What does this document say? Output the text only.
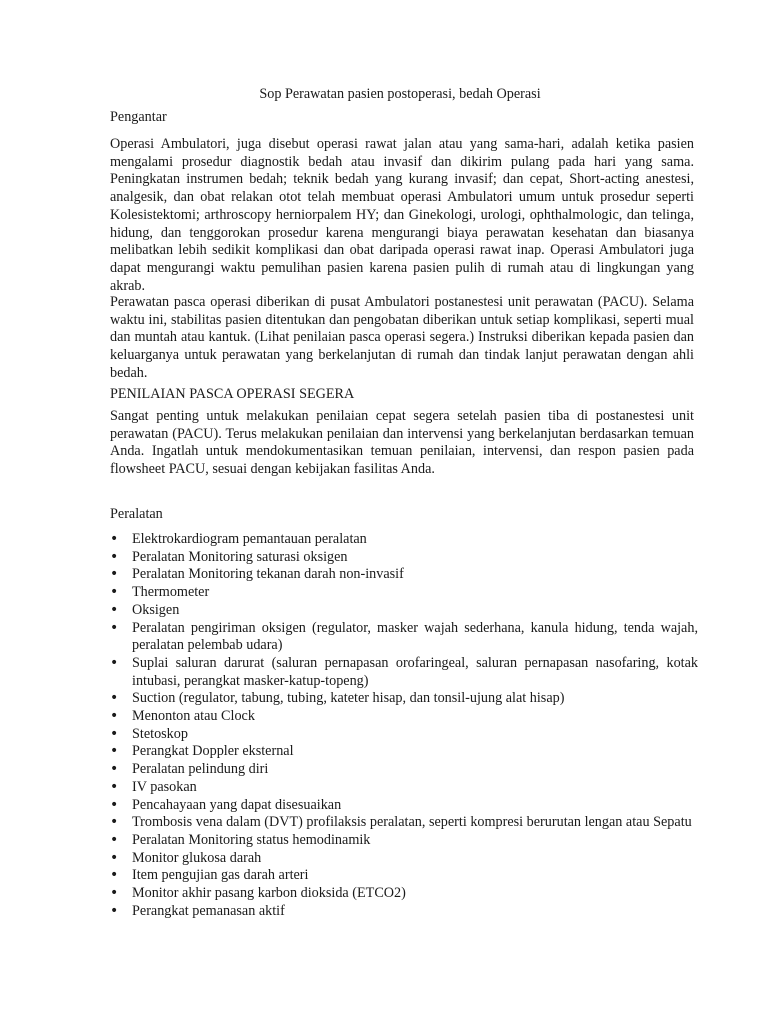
Sop Perawatan pasien postoperasi, bedah Operasi
Pengantar
Operasi Ambulatori, juga disebut operasi rawat jalan atau yang sama-hari, adalah ketika pasien mengalami prosedur diagnostik bedah atau invasif dan dikirim pulang pada hari yang sama. Peningkatan instrumen bedah; teknik bedah yang kurang invasif; dan cepat, Short-acting anestesi, analgesik, dan obat relakan otot telah membuat operasi Ambulatori umum untuk prosedur seperti Kolesistektomi; arthroscopy herniorpalem HY; dan Ginekologi, urologi, ophthalmologic, dan telinga, hidung, dan tenggorokan prosedur karena mengurangi biaya perawatan kesehatan dan biasanya melibatkan lebih sedikit komplikasi dan obat daripada operasi rawat inap. Operasi Ambulatori juga dapat mengurangi waktu pemulihan pasien karena pasien pulih di rumah atau di lingkungan yang akrab.
Perawatan pasca operasi diberikan di pusat Ambulatori postanestesi unit perawatan (PACU). Selama waktu ini, stabilitas pasien ditentukan dan pengobatan diberikan untuk setiap komplikasi, seperti mual dan muntah atau kantuk. (Lihat penilaian pasca operasi segera.) Instruksi diberikan kepada pasien dan keluarganya untuk perawatan yang berkelanjutan di rumah dan tindak lanjut perawatan dengan ahli bedah.
PENILAIAN PASCA OPERASI SEGERA
Sangat penting untuk melakukan penilaian cepat segera setelah pasien tiba di postanestesi unit perawatan (PACU). Terus melakukan penilaian dan intervensi yang berkelanjutan berdasarkan temuan Anda. Ingatlah untuk mendokumentasikan temuan penilaian, intervensi, dan respon pasien pada flowsheet PACU, sesuai dengan kebijakan fasilitas Anda.
Peralatan
• Elektrokardiogram pemantauan peralatan
• Peralatan Monitoring saturasi oksigen
• Peralatan Monitoring tekanan darah non-invasif
• Thermometer
• Oksigen
• Peralatan pengiriman oksigen (regulator, masker wajah sederhana, kanula hidung, tenda wajah, peralatan pelembab udara)
• Suplai saluran darurat (saluran pernapasan orofaringeal, saluran pernapasan nasofaring, kotak intubasi, perangkat masker-katup-topeng)
• Suction (regulator, tabung, tubing, kateter hisap, dan tonsil-ujung alat hisap)
• Menonton atau Clock
• Stetoskop
• Perangkat Doppler eksternal
• Peralatan pelindung diri
• IV pasokan
• Pencahayaan yang dapat disesuaikan
• Trombosis vena dalam (DVT) profilaksis peralatan, seperti kompresi berurutan lengan atau Sepatu
• Peralatan Monitoring status hemodinamik
• Monitor glukosa darah
• Item pengujian gas darah arteri
• Monitor akhir pasang karbon dioksida (ETCO2)
• Perangkat pemanasan aktif
